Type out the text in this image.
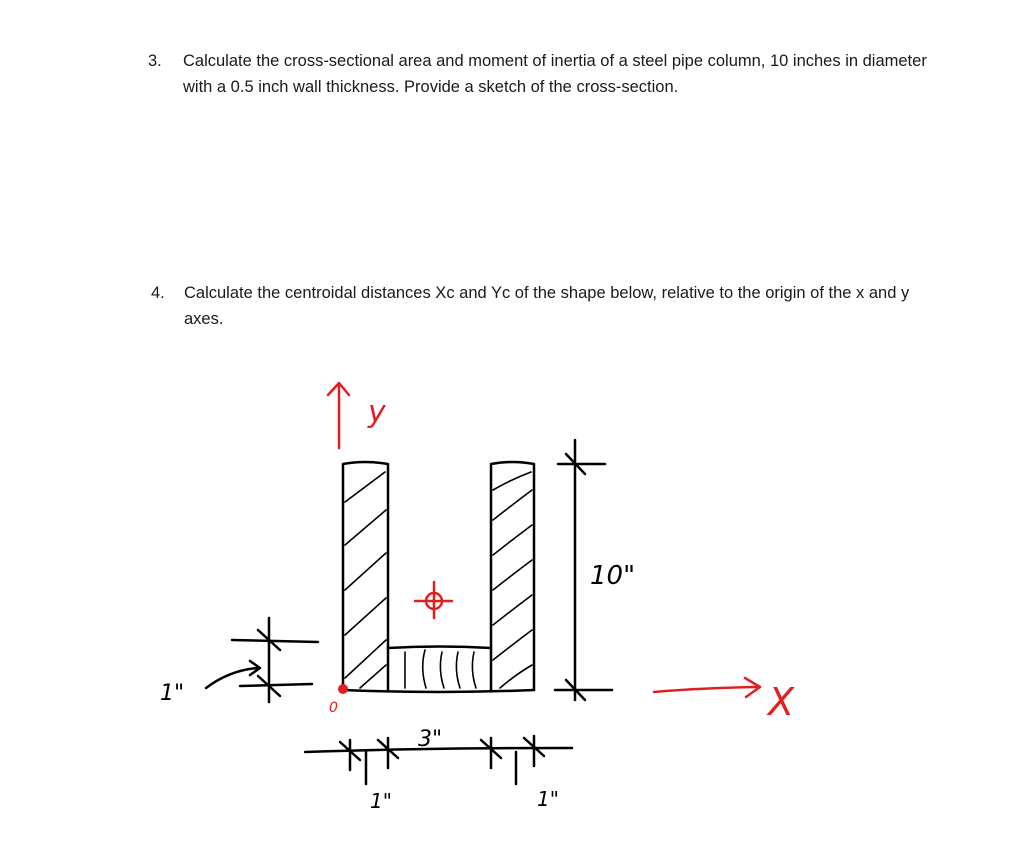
3. Calculate the cross-sectional area and moment of inertia of a steel pipe column, 10 inches in diameter with a 0.5 inch wall thickness. Provide a sketch of the cross-section.
4. Calculate the centroidal distances Xc and Yc of the shape below, relative to the origin of the x and y axes.
y
X
0
10"
1"
3"
1"	1"
